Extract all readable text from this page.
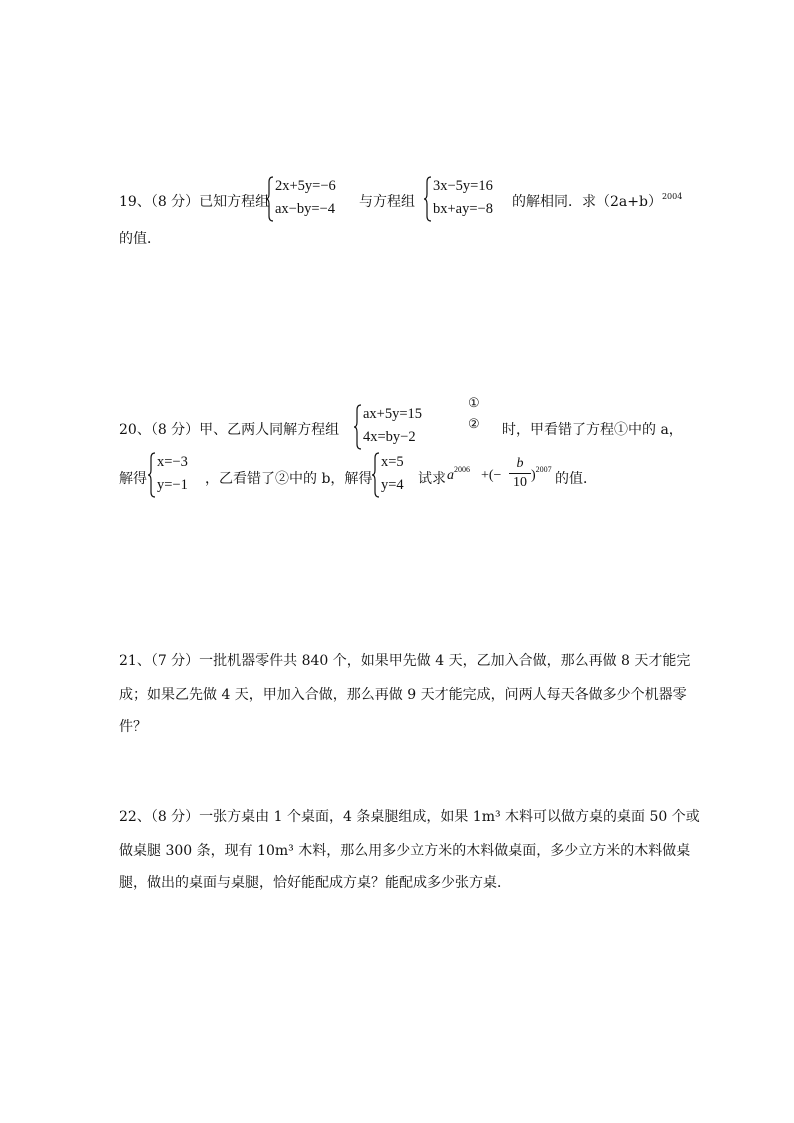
19、（8 分）已知方程组
2x+5y=−6
ax−by=−4 与方程组
3x−5y=16
bx+ay=−8 的解相同．求$(2a+b)^{2004}$
的值．
20、（8 分）甲、乙两人同解方程组
ax+5y=15
4x=by−2
①
② 时，甲看错了方程①中的 a，
解得
x=−3
y=−1 ，乙看错了②中的 b，解得
x=5
y=4 试求 $a^{2006}$ +(−
b
10 )$^{2007}$
的值．
21、（7 分）一批机器零件共 840 个，如果甲先做 4 天，乙加入合做，那么再做 8 天才能完
成；如果乙先做 4 天，甲加入合做，那么再做 9 天才能完成，问两人每天各做多少个机器零
件？
22、（8 分）一张方桌由 1 个桌面，4 条桌腿组成，如果 1m³ 木料可以做方桌的桌面 50 个或
做桌腿 300 条，现有 10m³ 木料，那么用多少立方米的木料做桌面，多少立方米的木料做桌
腿，做出的桌面与桌腿，恰好能配成方桌？能配成多少张方桌．
